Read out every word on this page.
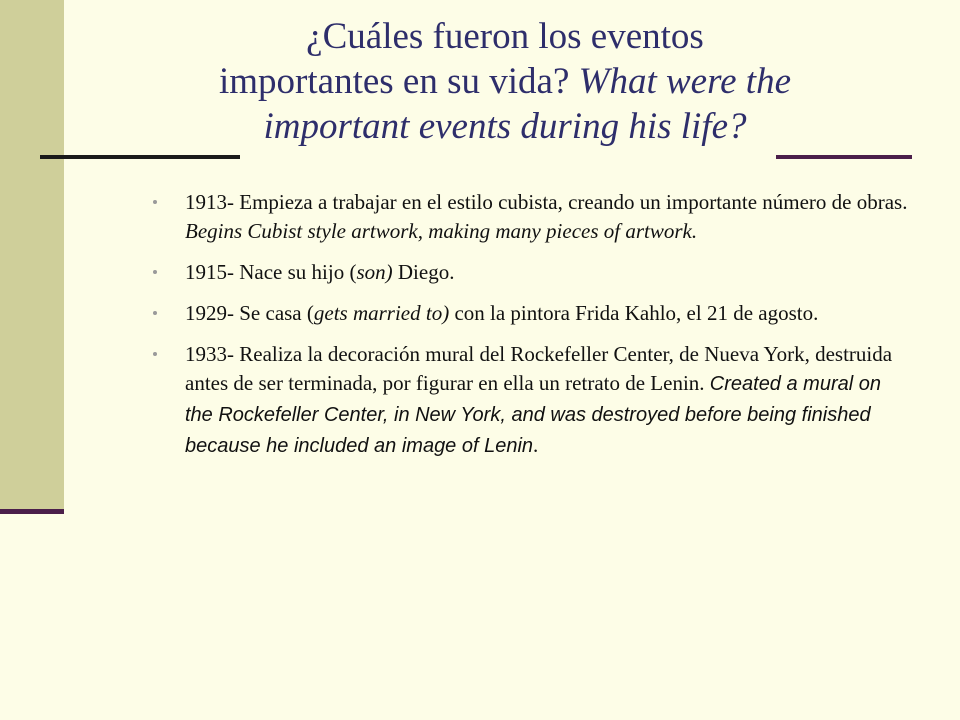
¿Cuáles fueron los eventos
importantes en su vida? What were the
important events during his life?
1913- Empieza a trabajar en el estilo cubista, creando un importante número de obras. Begins Cubist style artwork, making many pieces of artwork.
1915- Nace su hijo (son) Diego.
1929- Se casa (gets married to) con la pintora Frida Kahlo, el 21 de agosto.
1933- Realiza la decoración mural del Rockefeller Center, de Nueva York, destruida antes de ser terminada, por figurar en ella un retrato de Lenin. Created a mural on the Rockefeller Center, in New York, and was destroyed before being finished because he included an image of Lenin.
